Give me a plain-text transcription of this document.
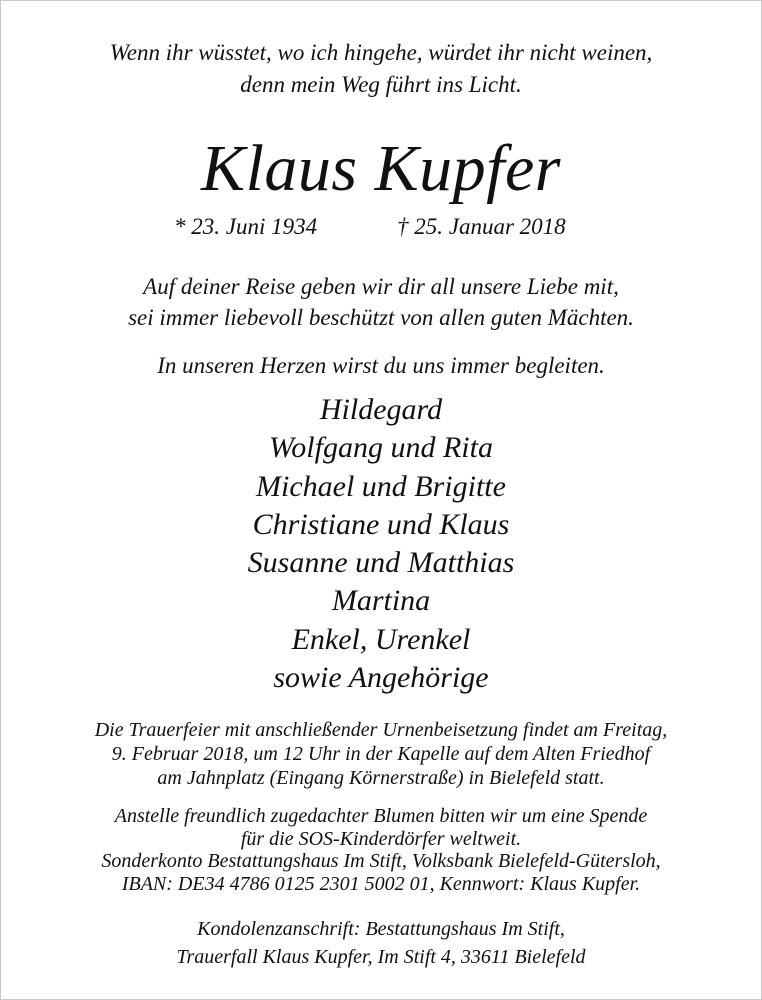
Wenn ihr wüsstet, wo ich hingehe, würdet ihr nicht weinen,
denn mein Weg führt ins Licht.
Klaus Kupfer
* 23. Juni 1934	† 25. Januar 2018
Auf deiner Reise geben wir dir all unsere Liebe mit,
sei immer liebevoll beschützt von allen guten Mächten.
In unseren Herzen wirst du uns immer begleiten.
Hildegard
Wolfgang und Rita
Michael und Brigitte
Christiane und Klaus
Susanne und Matthias
Martina
Enkel, Urenkel
sowie Angehörige
Die Trauerfeier mit anschließender Urnenbeisetzung findet am Freitag,
9. Februar 2018, um 12 Uhr in der Kapelle auf dem Alten Friedhof
am Jahnplatz (Eingang Körnerstraße) in Bielefeld statt.
Anstelle freundlich zugedachter Blumen bitten wir um eine Spende
für die SOS-Kinderdörfer weltweit.
Sonderkonto Bestattungshaus Im Stift, Volksbank Bielefeld-Gütersloh,
IBAN: DE34 4786 0125 2301 5002 01, Kennwort: Klaus Kupfer.
Kondolenzanschrift: Bestattungshaus Im Stift,
Trauerfall Klaus Kupfer, Im Stift 4, 33611 Bielefeld
